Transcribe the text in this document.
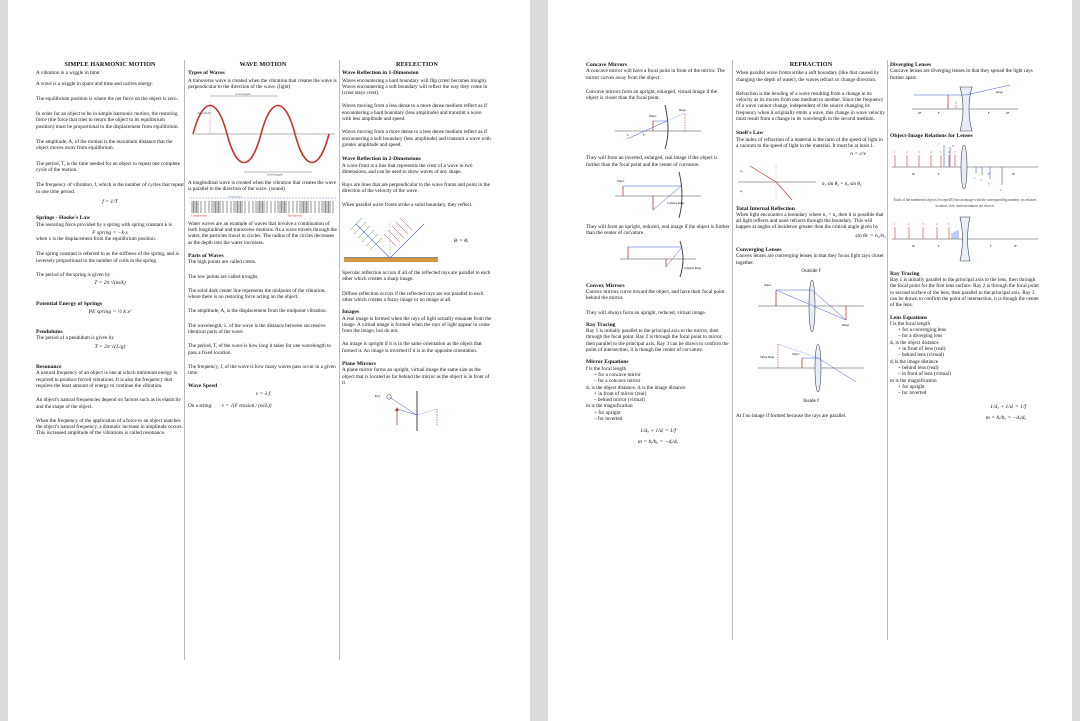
SIMPLE HARMONIC MOTION

A vibration is a wiggle in time.

A wave is a wiggle in space and time and carries energy.

The equilibrium position is where the net force on the object is zero.

In order for an object to be in simple harmonic motion, the restoring force (the force that tries to return the object to its equilibrium position) must be proportional to the displacement from equilibrium.

The amplitude, A, of the motion is the maximum distance that the object moves away from equilibrium.

The period, T, is the time needed for an object to repeat one complete cycle of the motion.

The frequency of vibration, f, which is the number of cycles that repeat in one time period.

f = 1/T
Springs - Hooke's Law

The restoring force provided by a spring with spring constant k is

F spring = −k·x

when x is the displacement from the equilibrium position.

The spring constant is referred to as the stiffness of the spring, and is inversely proportional to the number of coils in the spring

The period of the spring is given by

T = 2π √(m/k)
Potential Energy of Springs
PE spring = ½ k x²
Pendulums

The period of a pendulum is given by

T = 2π √(L/g)
Resonance

A natural frequency of an object is one at which minimum energy is required to produce forced vibrations. It is also the frequency that requires the least amount of energy to continue the vibration.

An object's natural frequencies depend on factors such as its elasticity and the shape of the object.

When the frequency of the application of a force to an object matches the object's natural frequency, a dramatic increase in amplitude occurs. This increased amplitude of the vibrations is called resonance.

WAVE MOTION
Types of Waves

A transverse wave is created when the vibration that creates the wave is perpendicular to the direction of the wave. (light)

wavelength
amplitude
wavelength

A longitudinal wave is created when the vibration that creates the wave is parallel to the direction of the wave. (sound)

wavelength
Compression	Rarefaction

Water waves are an example of waves that involve a combination of both longitudinal and transverse motions. As a wave travels through the water, the particles travel in circles. The radius of the circles decreases as the depth into the water increases.

Parts of Waves

The high points are called crests.

The low points are called troughs.

The solid dark center line represents the midpoint of the vibration, where there is no restoring force acting on the object.

The amplitude, A, is the displacement from the midpoint vibration.

The wavelength, λ, of the wave is the distance between successive identical parts of the wave.

The period, T, of the wave is how long it takes for one wavelength to pass a fixed location.

The frequency, f, of the wave is how many waves pass occur in a given time.

Wave Speed
v = λ f
On a string: v = √(F tension / (m/L))
REFLECTION
Wave Reflection in 1-Dimension

Waves encountering a hard boundary will flip (crest becomes trough). Waves encountering a soft boundary will reflect the way they come in (crest stays crest).

Waves moving from a less dense to a more dense medium reflect as if encountering a hard boundary (less amplitude) and transmit a wave with less amplitude and speed.

Waves moving from a more dense to a less dense medium reflect as if encountering a soft boundary (less amplitude) and transmit a wave with greater amplitude and speed.

Wave Reflection in 2-Dimensions

A wave front is a line that represents the crest of a wave in two dimensions, and can be used to show waves of any shape.

Rays are lines that are perpendicular to the wave fronts and point in the direction of the velocity of the wave.

When parallel wave fronts strike a solid boundary, they reflect.

θᵢ = θᵣ

Specular reflection occurs if all of the reflected rays are parallel to each other which creates a sharp image.

Diffuse reflection occurs if the reflected rays are not parallel to each other which creates a fuzzy image or no image at all.

Images

A real image is formed when the rays of light actually emanate from the image. A virtual image is formed when the rays of light appear to come from the image, but do not.

An image is upright if it is in the same orientation as the object that formed it. An image is inverted if it is in the opposite orientation.

Plane Mirrors

A plane mirror forms an upright, virtual image the same size as the object that is located as far behind the mirror as the object is in front of it.

Eye
Concave Mirrors

A concave mirror will have a focal point in front of the mirror. The mirror curves away from the object.

Concave mirrors form an upright, enlarged, virtual image if the object is closer than the focal point.

Object
Image
C	F

They will form an inverted, enlarged, real image if the object is further than the focal point and the center of curvature.

Object
Complete Image

They will form an upright, reduced, real image if the object is further than the center of curvature.

Complete Image
Convex Mirrors

Convex mirrors curve toward the object, and have their focal point behind the mirror.

They will always form an upright, reduced, virtual image.

Ray Tracing

Ray 1 is initially parallel to the principal axis to the mirror, then through the focal point. Ray 2 is through the focal point to mirror, then parallel to the principal axis. Ray 3 can be drawn to confirm the point of intersection, it is though the center of curvature.

Mirror Equations
f is the focal length
+ for a concave mirror
– for a concave mirror
dₒ is the object distance, dᵢ is the image distance
+ in front of mirror (real)
– behind mirror (virtual)
m is the magnification
+ for upright
– for inverted
1/dₒ + 1/dᵢ = 1/f
m = hᵢ/hₒ = −dᵢ/dₒ
REFRACTION

When parallel wave fronts strike a soft boundary (like that caused by changing the depth of water), the waves refract or change direction.

Refraction is the bending of a wave resulting from a change in its velocity as its moves from one medium to another. Since the frequency of a wave cannot change, independent of the source changing its frequency when it originally emits a wave, this change in wave velocity must result from a change in its wavelength in the second medium.

Snell's Law

The index of refraction of a material is the ratio of the speed of light in a vacuum to the speed of light in the material. It must be at least 1.

n = c/v
n₁
n₂
n₁ sin θ₁ = n₂ sin θ₂
Total Internal Reflection

When light encounters a boundary where n₁ > n₂ then it is possible that all light reflects and none refracts through the boundary. This will happen at angles of incidence greater than the critical angle given by

sin θc = n₂/n₁
Converging Lenses

Convex lenses are converging lenses in that they focus light rays closer together.

Outside f
Object
Image
Virtual Image
Object
Inside f

At f no image if formed because the rays are parallel.

Diverging Lenses

Concave lenses are diverging lenses in that they spread the light rays further apart.

2F	F	F	2F
Image
Object-Image Relations for Lenses
1	2	3	4	5 6 7
1 2
3
4
6
7
2F	F	F	2F
Each of the numbered objects (except #5) has an image with the corresponding number; its relative location, size, and orientation are shown.
1	2	3	4	5
2F	F	F	2F
Ray Tracing

Ray 1 is initially parallel to the principal axis to the lens, then through the focal point for the first lens surface. Ray 2 is through the focal point to second surface of the lens, then parallel to the principal axis. Ray 3 can be drawn to confirm the point of intersection, it is though the center of the lens.

Lens Equations
f is the focal length
+ for a converging lens
– for a diverging lens
dₒ is the object distance
+ in front of lens (real)
– behind lens (virtual)
dᵢ is the image distance
+ behind lens (real)
– in front of lens (virtual)
m is the magnification
+ for upright
– for inverted
1/dₒ + 1/dᵢ = 1/f
m = hᵢ/hₒ = −dᵢ/dₒ
